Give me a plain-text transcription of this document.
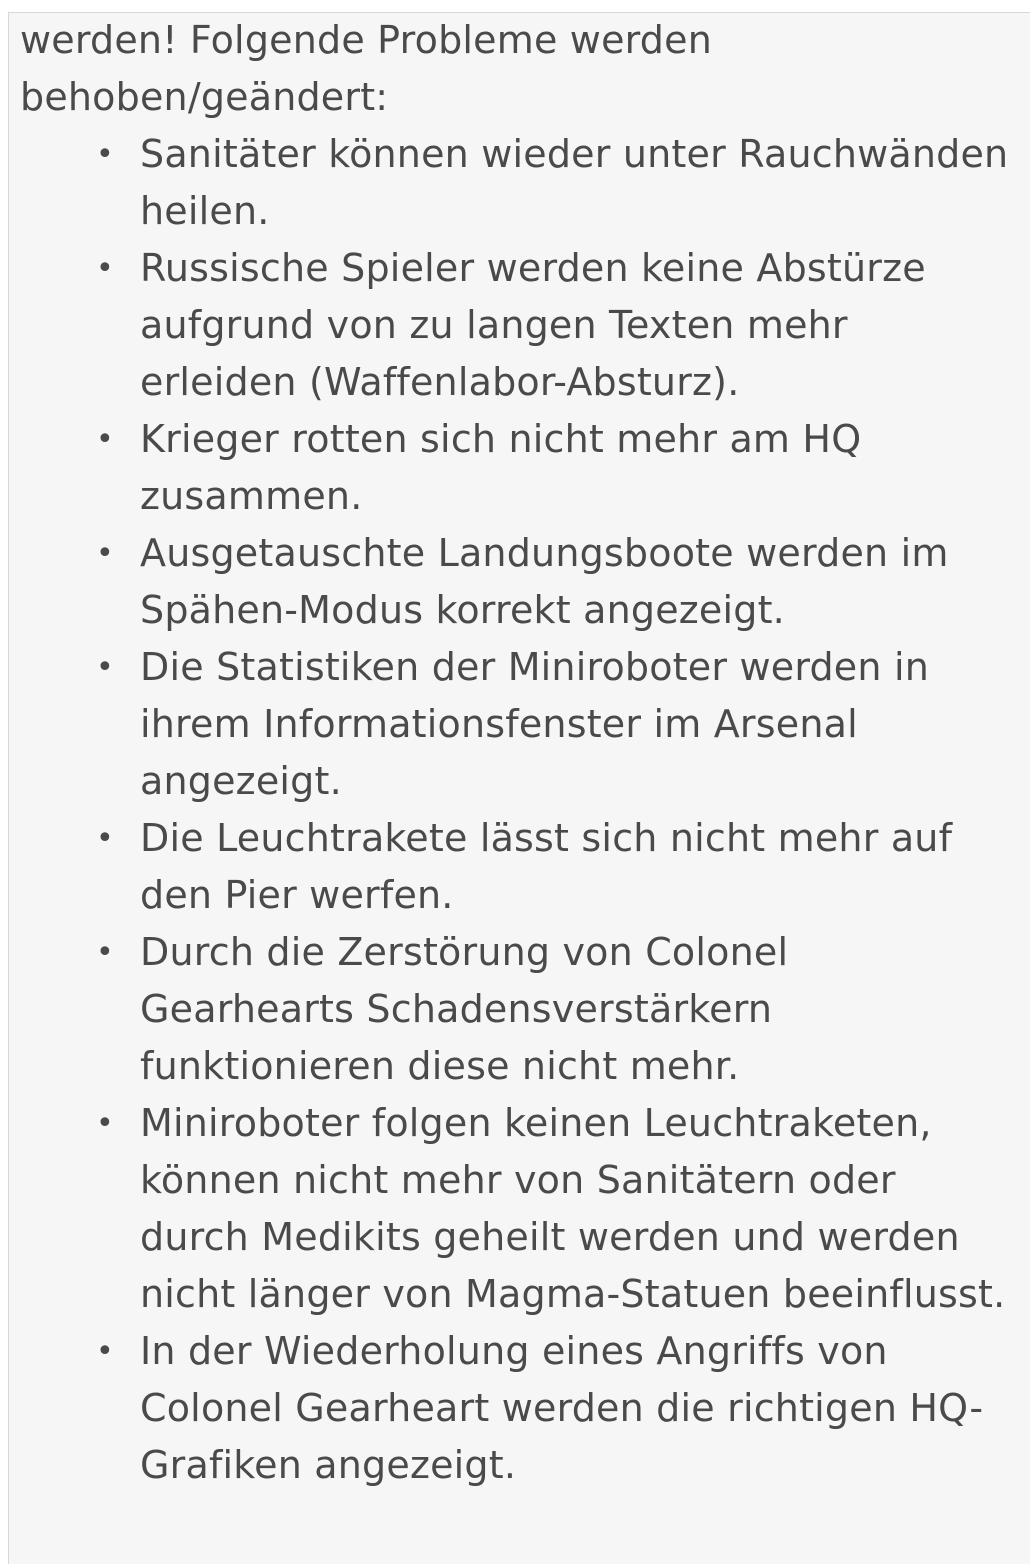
werden! Folgende Probleme werden behoben/geändert:

• Sanitäter können wieder unter Rauchwänden heilen.
• Russische Spieler werden keine Abstürze aufgrund von zu langen Texten mehr erleiden (Waffenlabor-Absturz).
• Krieger rotten sich nicht mehr am HQ zusammen.
• Ausgetauschte Landungsboote werden im Spähen-Modus korrekt angezeigt.
• Die Statistiken der Miniroboter werden in ihrem Informationsfenster im Arsenal angezeigt.
• Die Leuchtrakete lässt sich nicht mehr auf den Pier werfen.
• Durch die Zerstörung von Colonel Gearhearts Schadensverstärkern funktionieren diese nicht mehr.
• Miniroboter folgen keinen Leuchtraketen, können nicht mehr von Sanitätern oder durch Medikits geheilt werden und werden nicht länger von Magma-Statuen beeinflusst.
• In der Wiederholung eines Angriffs von Colonel Gearheart werden die richtigen HQ-Grafiken angezeigt.
